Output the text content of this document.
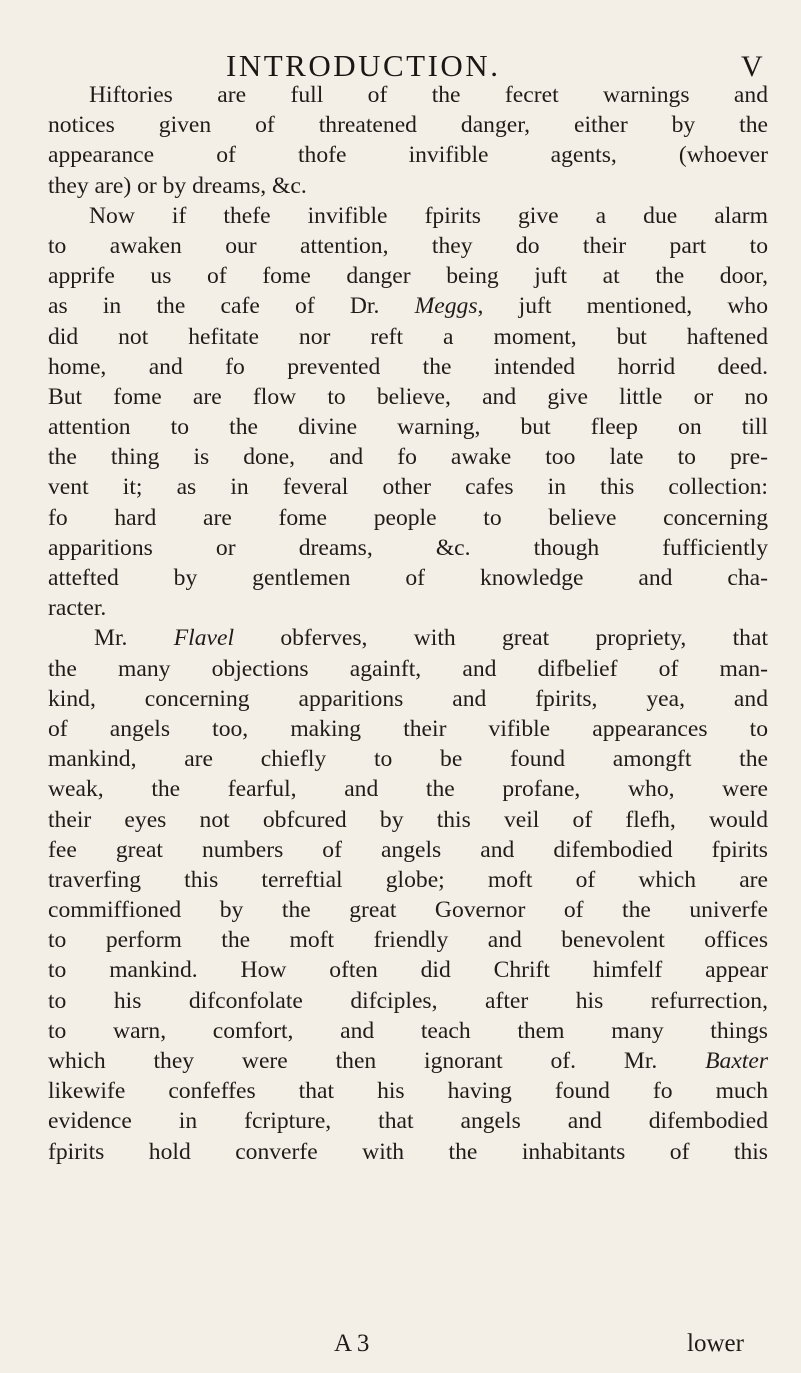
INTRODUCTION.	V
Hiftories are full of the fecret warnings and
notices given of threatened danger, either by the
appearance of thofe invifible agents, (whoever
they are) or by dreams, &c.
Now if thefe invifible fpirits give a due alarm
to awaken our attention, they do their part to
apprife us of fome danger being juft at the door,
as in the cafe of Dr. Meggs, juft mentioned, who
did not hefitate nor reft a moment, but haftened
home, and fo prevented the intended horrid deed.
But fome are flow to believe, and give little or no
attention to the divine warning, but fleep on till
the thing is done, and fo awake too late to pre-
vent it; as in feveral other cafes in this collection:
fo hard are fome people to believe concerning
apparitions or dreams, &c. though fufficiently
attefted by gentlemen of knowledge and cha-
racter.
Mr. Flavel obferves, with great propriety, that
the many objections againft, and difbelief of man-
kind, concerning apparitions and fpirits, yea, and
of angels too, making their vifible appearances to
mankind, are chiefly to be found amongft the
weak, the fearful, and the profane, who, were
their eyes not obfcured by this veil of flefh, would
fee great numbers of angels and difembodied fpirits
traverfing this terreftial globe; moft of which are
commiffioned by the great Governor of the univerfe
to perform the moft friendly and benevolent offices
to mankind. How often did Chrift himfelf appear
to his difconfolate difciples, after his refurrection,
to warn, comfort, and teach them many things
which they were then ignorant of. Mr. Baxter
likewife confeffes that his having found fo much
evidence in fcripture, that angels and difembodied
fpirits hold converfe with the inhabitants of this
A 3	lower
